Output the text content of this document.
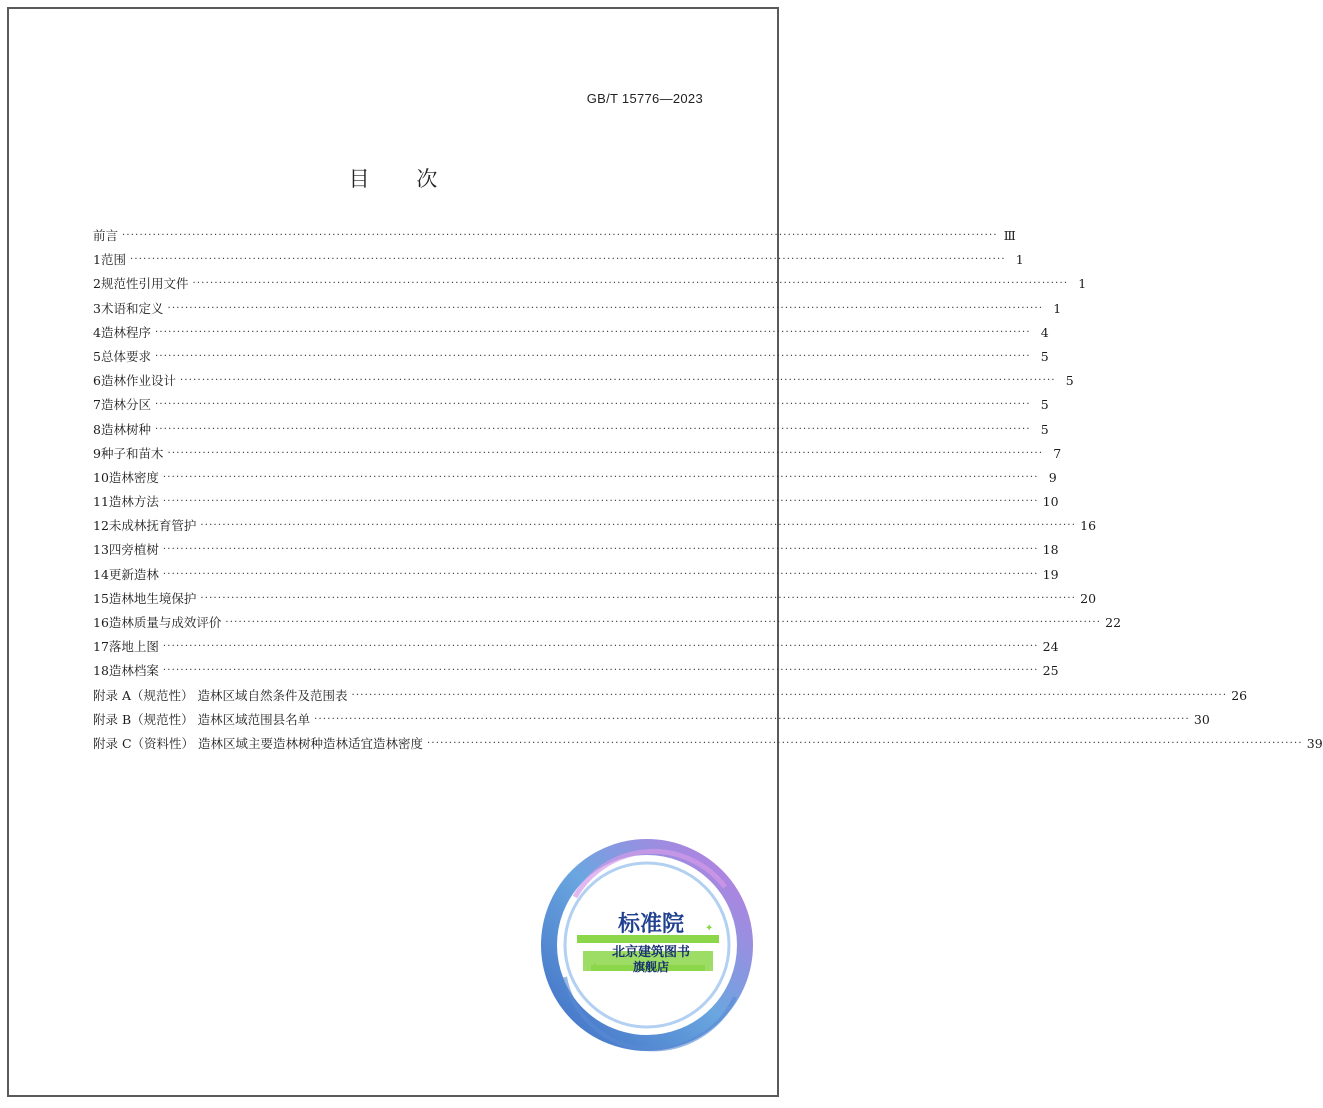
GB/T 15776—2023
目 次
前言 ········································································································································································································ Ⅲ
1 范围 ········································································································································································································ 1
2 规范性引用文件 ········································································································································································································ 1
3 术语和定义 ········································································································································································································ 1
4 造林程序 ········································································································································································································ 4
5 总体要求 ········································································································································································································ 5
6 造林作业设计 ········································································································································································································ 5
7 造林分区 ········································································································································································································ 5
8 造林树种 ········································································································································································································ 5
9 种子和苗木 ········································································································································································································ 7
10 造林密度 ········································································································································································································ 9
11 造林方法 ········································································································································································································ 10
12 未成林抚育管护 ········································································································································································································ 16
13 四旁植树 ········································································································································································································ 18
14 更新造林 ········································································································································································································ 19
15 造林地生境保护 ········································································································································································································ 20
16 造林质量与成效评价 ········································································································································································································ 22
17 落地上图 ········································································································································································································ 24
18 造林档案 ········································································································································································································ 25
附录 A（规范性） 造林区域自然条件及范围表 ········································································································································································································ 26
附录 B（规范性） 造林区域范围县名单 ········································································································································································································ 30
附录 C（资料性） 造林区域主要造林树种造林适宜造林密度 ········································································································································································································ 39
✦
✦
标准院
北京建筑图书
旗舰店
